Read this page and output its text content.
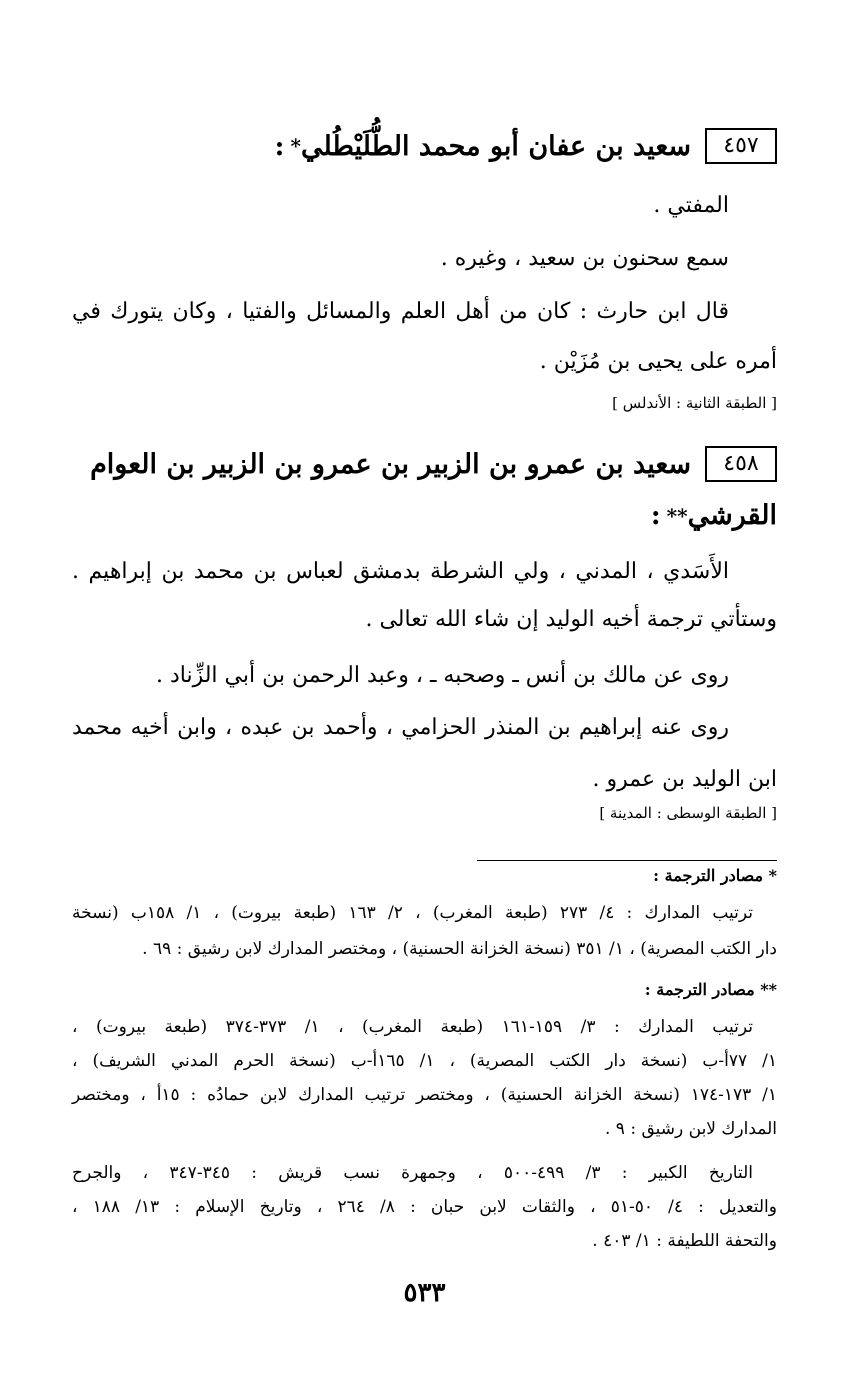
٤٥٧
سعيد بن عفان أبو محمد الطُّلَيْطُلي
*
:
المفتي .
سمع سحنون بن سعيد ، وغيره .
قال ابن حارث : كان من أهل العلم والمسائل والفتيا ، وكان يتورك في
أمره على يحيى بن مُزَيْن .
[ الطبقة الثانية : الأندلس ]
٤٥٨
سعيد بن عمرو بن الزبير بن عمرو بن الزبير بن العوام
القرشي
**
:
الأَسَدي ، المدني ، ولي الشرطة بدمشق لعباس بن محمد بن إبراهيم .
وستأتي ترجمة أخيه الوليد إن شاء الله تعالى .
روى عن مالك بن أنس ـ وصحبه ـ ، وعبد الرحمن بن أبي الزِّناد .
روى عنه إبراهيم بن المنذر الحزامي ، وأحمد بن عبده ، وابن أخيه محمد
ابن الوليد بن عمرو .
[ الطبقة الوسطى : المدينة ]
* مصادر الترجمة :
ترتيب المدارك : ٤/ ٢٧٣ (طبعة المغرب) ، ٢/ ١٦٣ (طبعة بيروت) ، ١/ ١٥٨ب (نسخة
دار الكتب المصرية) ، ١/ ٣٥١ (نسخة الخزانة الحسنية) ، ومختصر المدارك لابن رشيق : ٦٩ .
** مصادر الترجمة :
ترتيب المدارك : ٣/ ١٥٩-١٦١ (طبعة المغرب) ، ١/ ٣٧٣-٣٧٤ (طبعة بيروت) ،
١/ ٧٧أ-ب (نسخة دار الكتب المصرية) ، ١/ ١٦٥أ-ب (نسخة الحرم المدني الشريف) ،
١/ ١٧٣-١٧٤ (نسخة الخزانة الحسنية) ، ومختصر ترتيب المدارك لابن حمادُه : ١٥أ ، ومختصر
المدارك لابن رشيق : ٩ .
التاريخ الكبير : ٣/ ٤٩٩-٥٠٠ ، وجمهرة نسب قريش : ٣٤٥-٣٤٧ ، والجرح
والتعديل : ٤/ ٥٠-٥١ ، والثقات لابن حبان : ٨/ ٢٦٤ ، وتاريخ الإسلام : ١٣/ ١٨٨ ،
والتحفة اللطيفة : ١/ ٤٠٣ .
٥٣٣
